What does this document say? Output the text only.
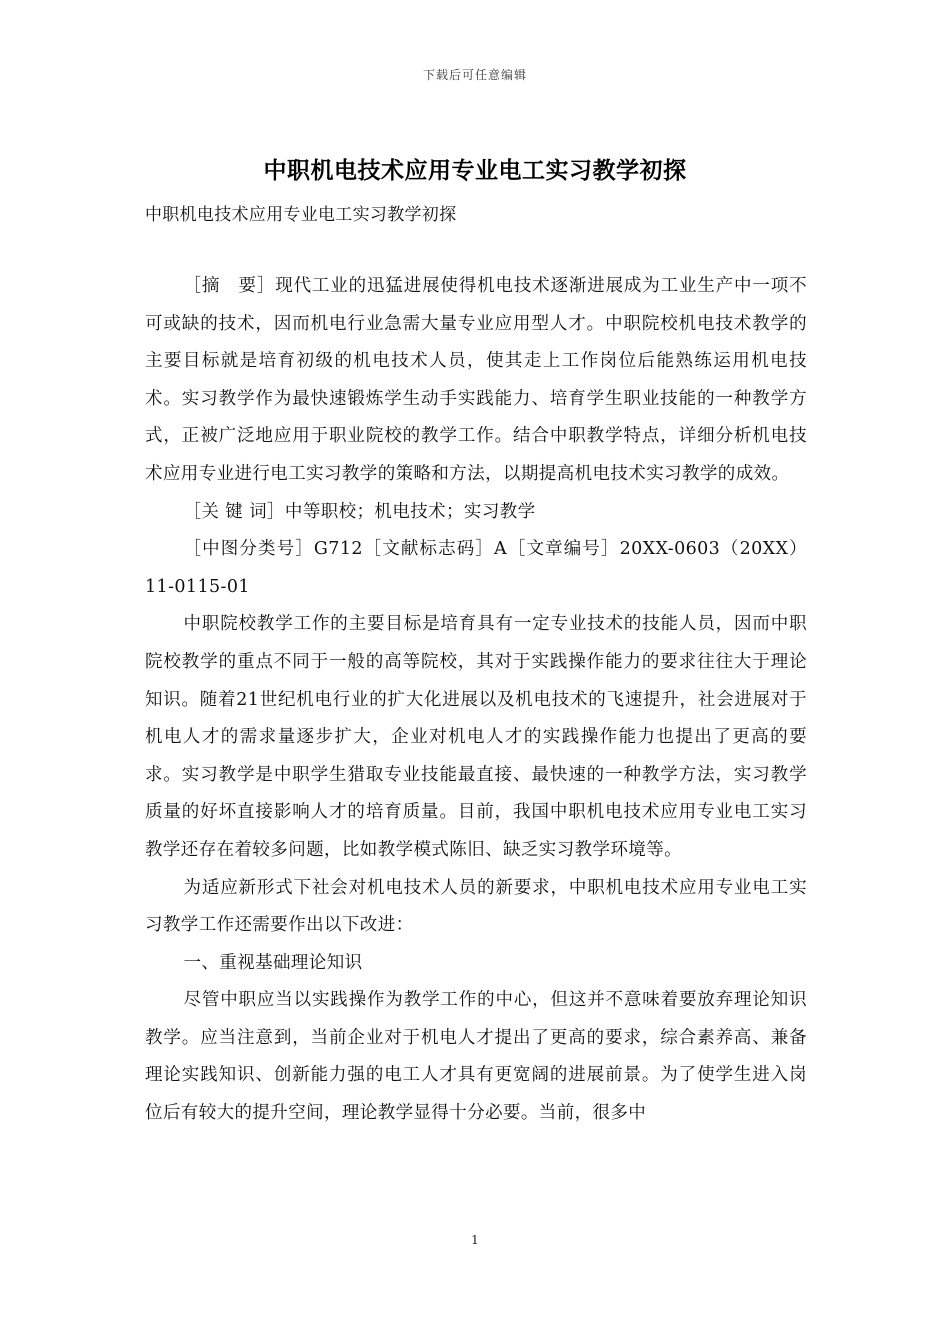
下载后可任意编辑
中职机电技术应用专业电工实习教学初探
中职机电技术应用专业电工实习教学初探

［摘　要］现代工业的迅猛进展使得机电技术逐渐进展成为工业生产中一项不可或缺的技术，因而机电行业急需大量专业应用型人才。中职院校机电技术教学的主要目标就是培育初级的机电技术人员，使其走上工作岗位后能熟练运用机电技术。实习教学作为最快速锻炼学生动手实践能力、培育学生职业技能的一种教学方式，正被广泛地应用于职业院校的教学工作。结合中职教学特点，详细分析机电技术应用专业进行电工实习教学的策略和方法，以期提高机电技术实习教学的成效。

［关 键 词］中等职校；机电技术；实习教学

［中图分类号］G712［文献标志码］A［文章编号］20XX-0603（20XX）11-0115-01

中职院校教学工作的主要目标是培育具有一定专业技术的技能人员，因而中职院校教学的重点不同于一般的高等院校，其对于实践操作能力的要求往往大于理论知识。随着21世纪机电行业的扩大化进展以及机电技术的飞速提升，社会进展对于机电人才的需求量逐步扩大，企业对机电人才的实践操作能力也提出了更高的要求。实习教学是中职学生猎取专业技能最直接、最快速的一种教学方法，实习教学质量的好坏直接影响人才的培育质量。目前，我国中职机电技术应用专业电工实习教学还存在着较多问题，比如教学模式陈旧、缺乏实习教学环境等。

为适应新形式下社会对机电技术人员的新要求，中职机电技术应用专业电工实习教学工作还需要作出以下改进：

一、重视基础理论知识

尽管中职应当以实践操作为教学工作的中心，但这并不意味着要放弃理论知识教学。应当注意到，当前企业对于机电人才提出了更高的要求，综合素养高、兼备理论实践知识、创新能力强的电工人才具有更宽阔的进展前景。为了使学生进入岗位后有较大的提升空间，理论教学显得十分必要。当前，很多中

1
